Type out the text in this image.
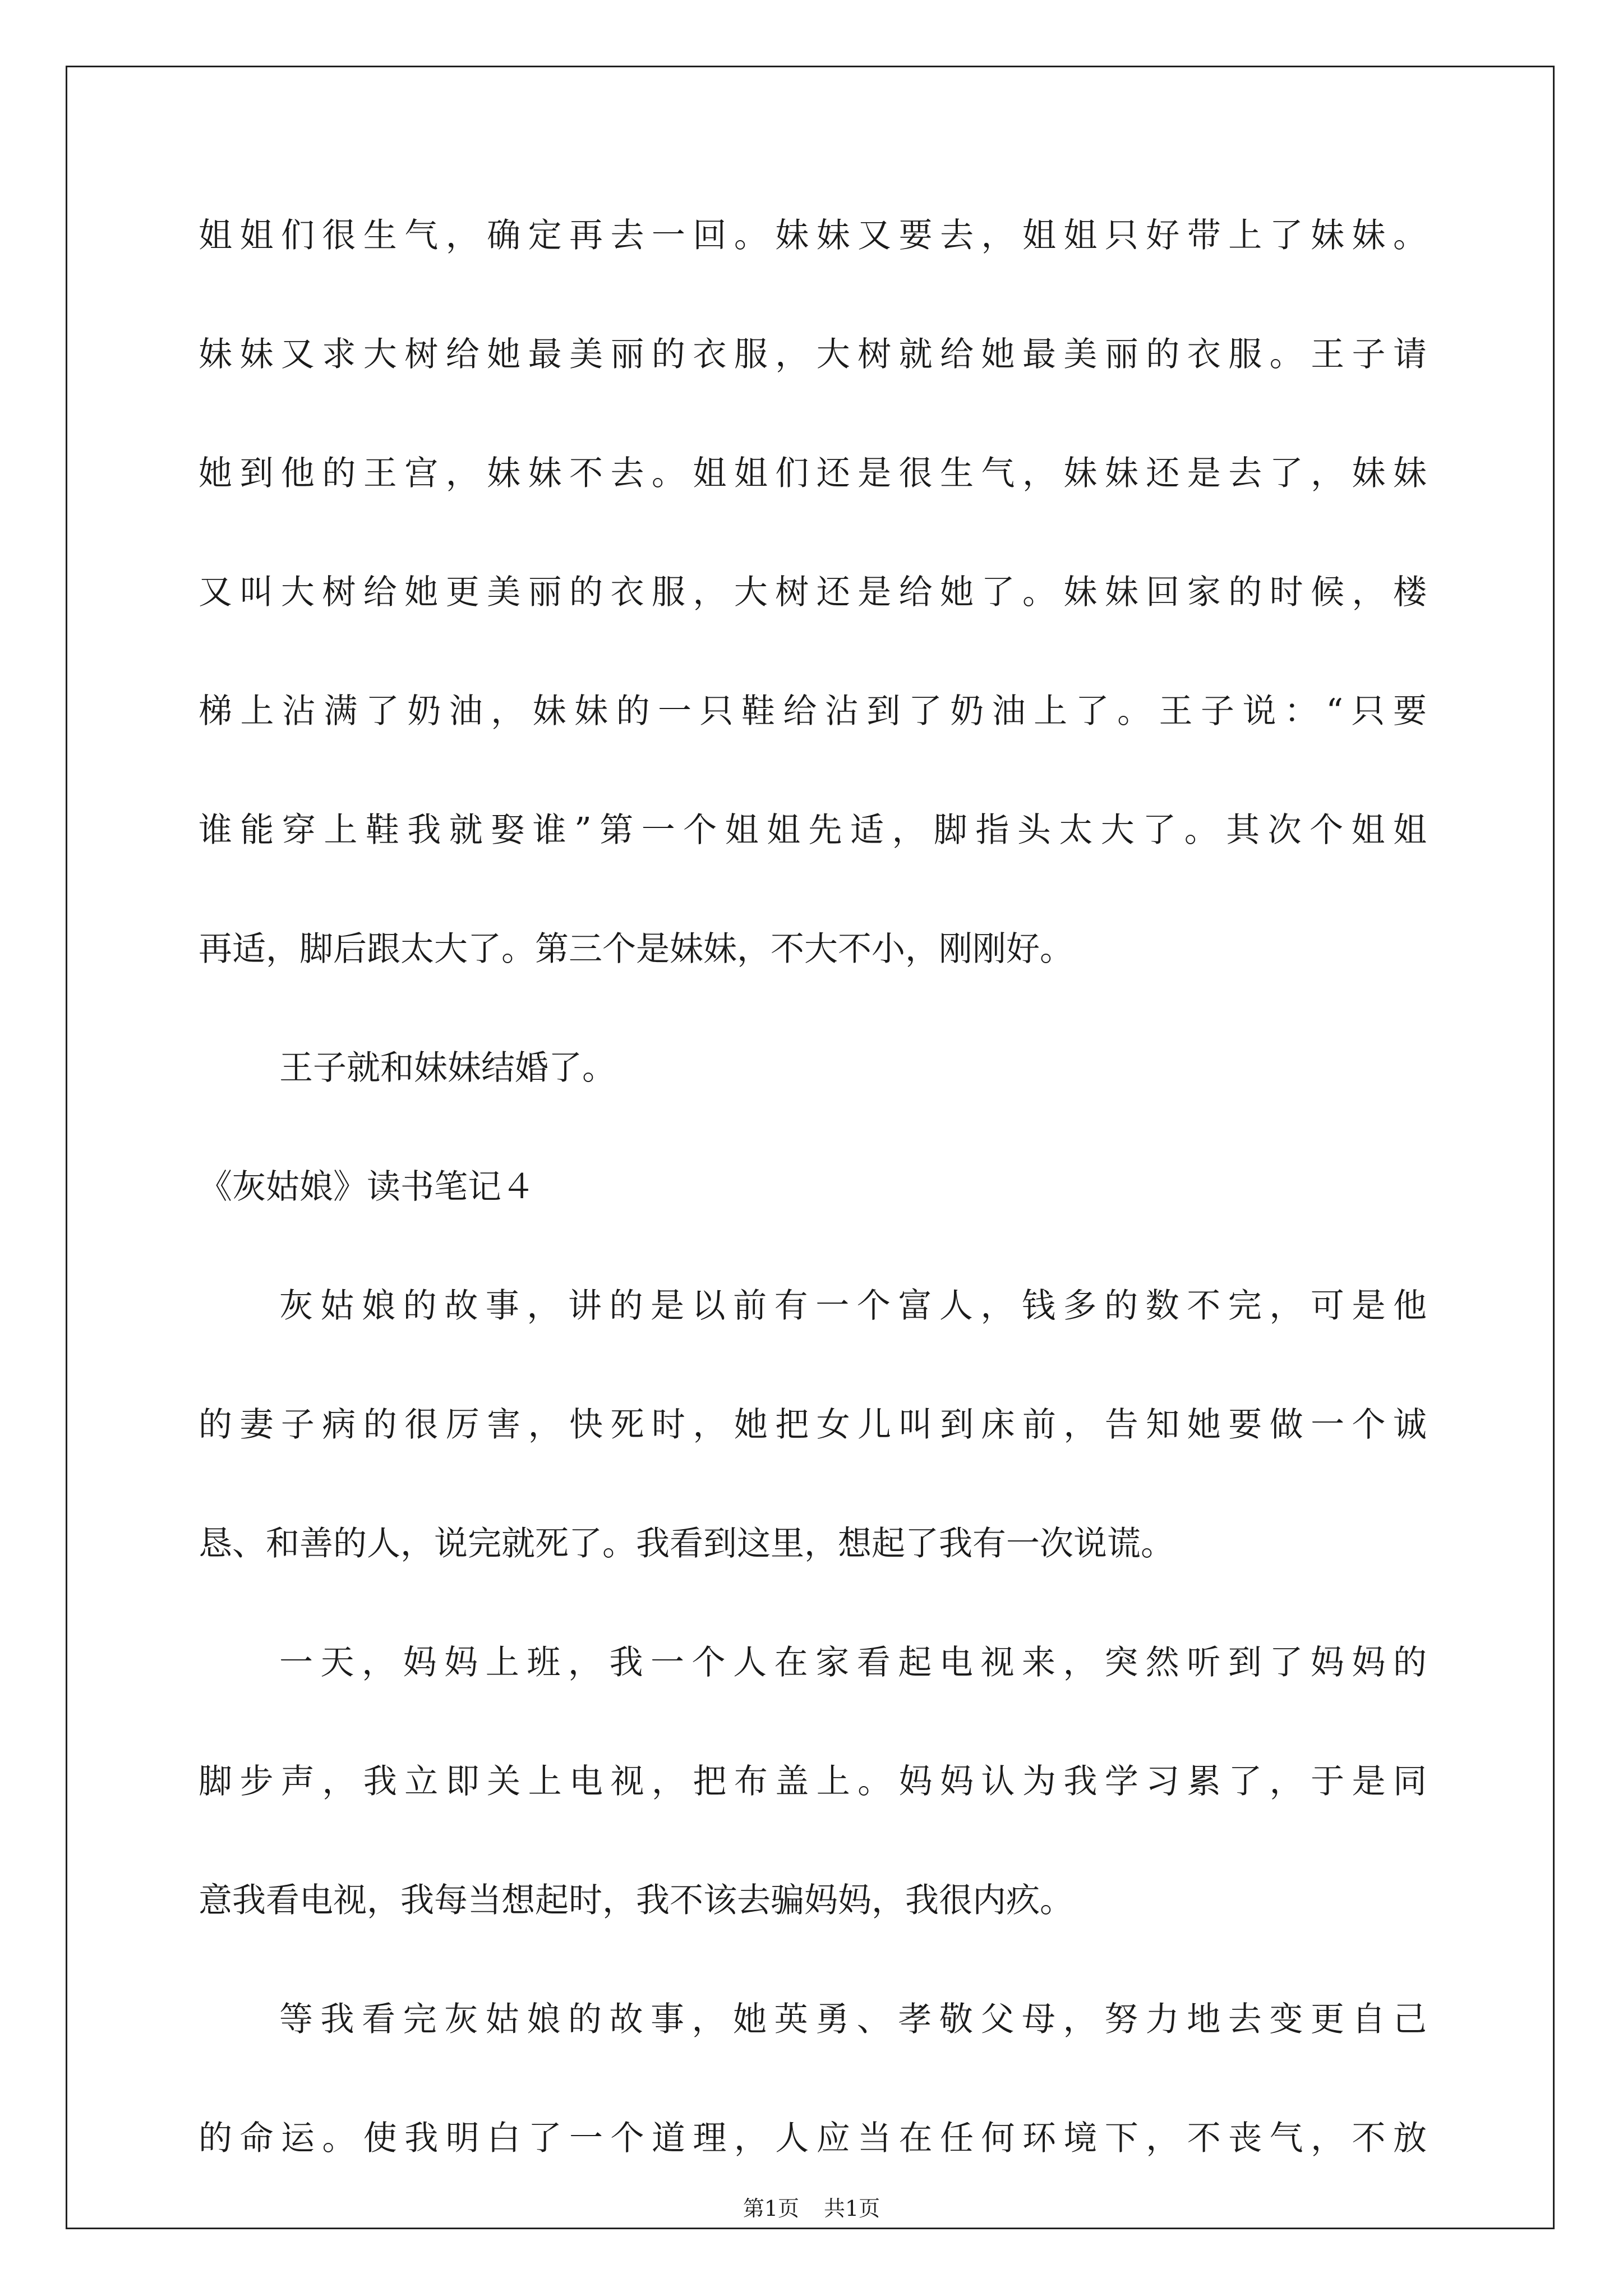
姐姐们很生气，确定再去一回。妹妹又要去，姐姐只好带上了妹妹。
妹妹又求大树给她最美丽的衣服，大树就给她最美丽的衣服。王子请
她到他的王宫，妹妹不去。姐姐们还是很生气，妹妹还是去了，妹妹
又叫大树给她更美丽的衣服，大树还是给她了。妹妹回家的时候，楼
梯上沾满了奶油，妹妹的一只鞋给沾到了奶油上了。王子说：“只要
谁能穿上鞋我就娶谁”第一个姐姐先适，脚指头太大了。其次个姐姐
再适，脚后跟太大了。第三个是妹妹，不大不小，刚刚好。
王子就和妹妹结婚了。
《灰姑娘》读书笔记４
灰姑娘的故事，讲的是以前有一个富人，钱多的数不完，可是他
的妻子病的很厉害，快死时，她把女儿叫到床前，告知她要做一个诚
恳、和善的人，说完就死了。我看到这里，想起了我有一次说谎。
一天，妈妈上班，我一个人在家看起电视来，突然听到了妈妈的
脚步声，我立即关上电视，把布盖上。妈妈认为我学习累了，于是同
意我看电视，我每当想起时，我不该去骗妈妈，我很内疚。
等我看完灰姑娘的故事，她英勇、孝敬父母，努力地去变更自己
的命运。使我明白了一个道理，人应当在任何环境下，不丧气，不放
第1页 共1页
